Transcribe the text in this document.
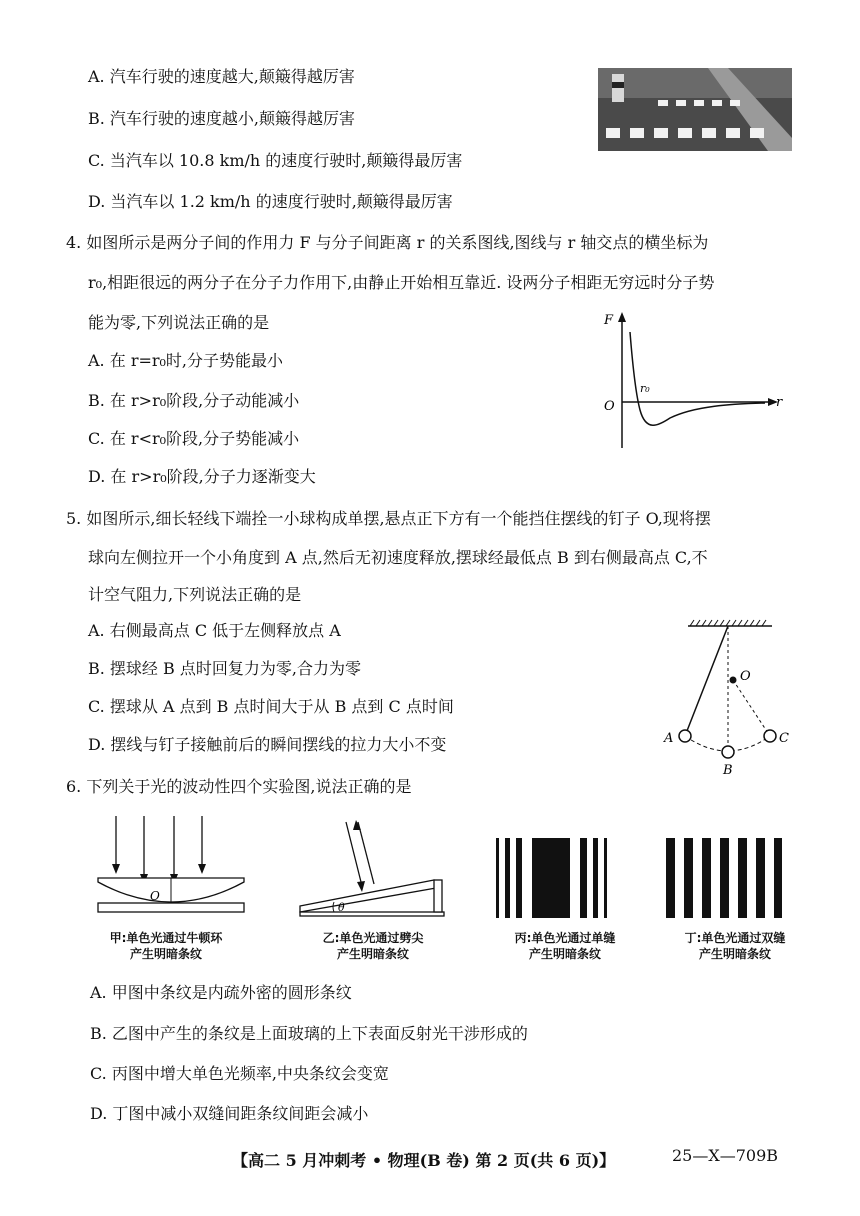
A. 汽车行驶的速度越大,颠簸得越厉害
B. 汽车行驶的速度越小,颠簸得越厉害
C. 当汽车以 10.8 km/h 的速度行驶时,颠簸得最厉害
D. 当汽车以 1.2 km/h 的速度行驶时,颠簸得最厉害
4. 如图所示是两分子间的作用力 F 与分子间距离 r 的关系图线,图线与 r 轴交点的横坐标为
r₀,相距很远的两分子在分子力作用下,由静止开始相互靠近. 设两分子相距无穷远时分子势
能为零,下列说法正确的是
A. 在 r=r₀时,分子势能最小
B. 在 r>r₀阶段,分子动能减小
C. 在 r<r₀阶段,分子势能减小
D. 在 r>r₀阶段,分子力逐渐变大
F
r
O
r₀
5. 如图所示,细长轻线下端拴一小球构成单摆,悬点正下方有一个能挡住摆线的钉子 O,现将摆
球向左侧拉开一个小角度到 A 点,然后无初速度释放,摆球经最低点 B 到右侧最高点 C,不
计空气阻力,下列说法正确的是
A. 右侧最高点 C 低于左侧释放点 A
B. 摆球经 B 点时回复力为零,合力为零
C. 摆球从 A 点到 B 点时间大于从 B 点到 C 点时间
D. 摆线与钉子接触前后的瞬间摆线的拉力大小不变
O
A
B
C
6. 下列关于光的波动性四个实验图,说法正确的是
O
θ
甲:单色光通过牛顿环
产生明暗条纹
乙:单色光通过劈尖
产生明暗条纹
丙:单色光通过单缝
产生明暗条纹
丁:单色光通过双缝
产生明暗条纹
A. 甲图中条纹是内疏外密的圆形条纹
B. 乙图中产生的条纹是上面玻璃的上下表面反射光干涉形成的
C. 丙图中增大单色光频率,中央条纹会变宽
D. 丁图中减小双缝间距条纹间距会减小
【高二 5 月冲刺考 • 物理(B 卷) 第 2 页(共 6 页)】	25—X—709B
